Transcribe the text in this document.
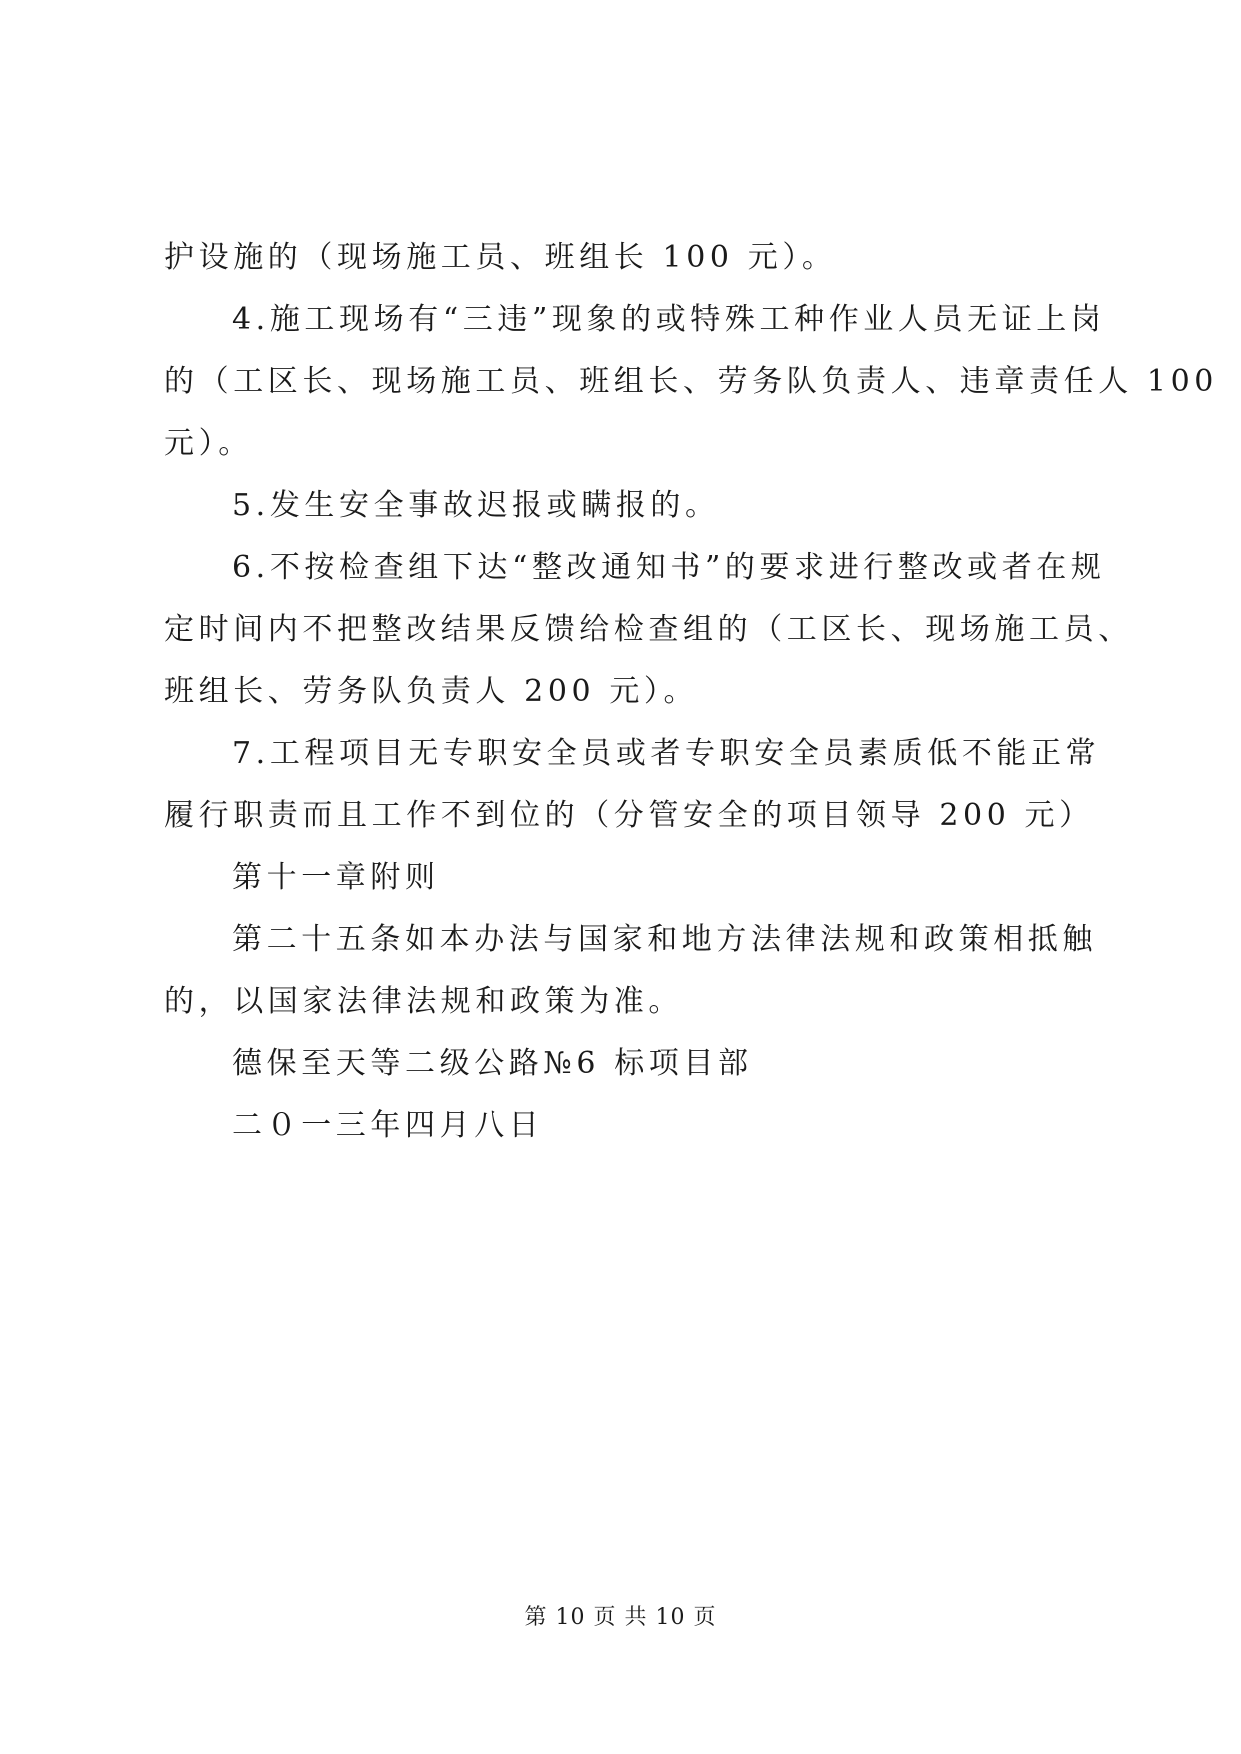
护设施的（现场施工员、班组长 100 元）。
4.施工现场有“三违”现象的或特殊工种作业人员无证上岗
的（工区长、现场施工员、班组长、劳务队负责人、违章责任人 100
元）。
5.发生安全事故迟报或瞒报的。
6.不按检查组下达“整改通知书”的要求进行整改或者在规
定时间内不把整改结果反馈给检查组的（工区长、现场施工员、
班组长、劳务队负责人 200 元）。
7.工程项目无专职安全员或者专职安全员素质低不能正常
履行职责而且工作不到位的（分管安全的项目领导 200 元）
第十一章附则
第二十五条如本办法与国家和地方法律法规和政策相抵触
的，以国家法律法规和政策为准。
德保至天等二级公路№6 标项目部
二０一三年四月八日
第 10 页 共 10 页
